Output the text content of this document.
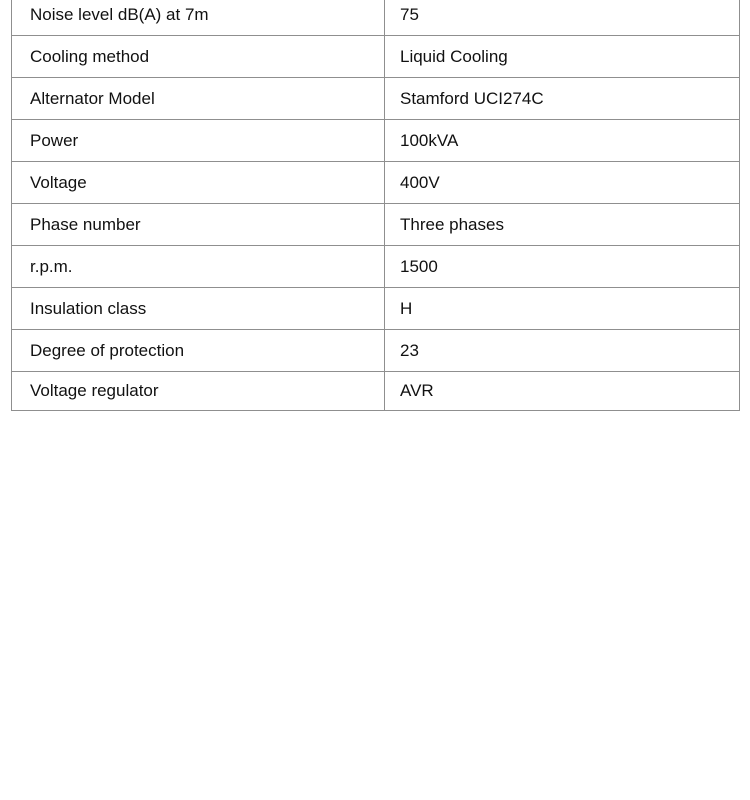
Noise level dB(A) at 7m	75
Cooling method	Liquid Cooling
Alternator Model	Stamford UCI274C
Power	100kVA
Voltage	400V
Phase number	Three phases
r.p.m.	1500
Insulation class	H
Degree of protection	23
Voltage regulator	AVR
